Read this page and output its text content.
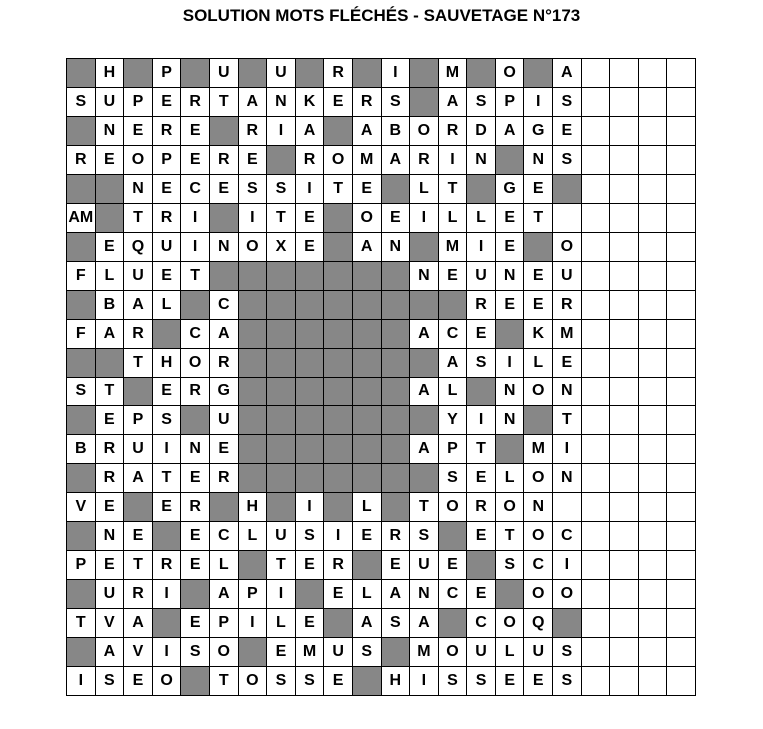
SOLUTION MOTS FLÉCHÉS - SAUVETAGE N°173
H	P	U	U	R	I	M	O	A
S	U	P	E	R	T	A	N	K	E	R	S	A	S	P	I	S
N	E	R	E	R	I	A	A	B	O	R	D	A	G	E
R	E	O	P	E	R	E	R	O M	A	R	I	N	N	S
N	E	C	E	S	S	I	T	E	L	T	G	E
AM	T	R	I	I	T	E	O	E	I	L	L	E	T
E	Q	U	I	N	O	X	E	A	N	M	I	E	O
F	L	U	E	T	N	E	U	N	E	U
B	A	L	C	R	E	E	R
F	A	R	C	A	A	C	E	K	M
T	H	O	R	A	S	I	L	E
S	T	E	R	G	A	L	N	O	N
E	P	S	U	Y	I	N	T
B	R	U	I	N	E	A	P	T	M	I
R	A	T	E	R	S	E	L	O	N
V	E	E	R	H	I	L	T	O	R	O	N
N	E	E	C	L	U	S	I	E	R	S	E	T	O	C
P	E	T	R	E	L	T	E	R	E	U	E	S	C	I
U	R	I	A	P	I	E	L	A	N	C	E	O	O
T	V	A	E	P	I	L	E	A	S	A	C	O	Q
A	V	I	S	O	E	M	U	S	M O	U	L	U	S
I	S	E	O	T	O	S	S	E	H	I	S	S	E	E	S
